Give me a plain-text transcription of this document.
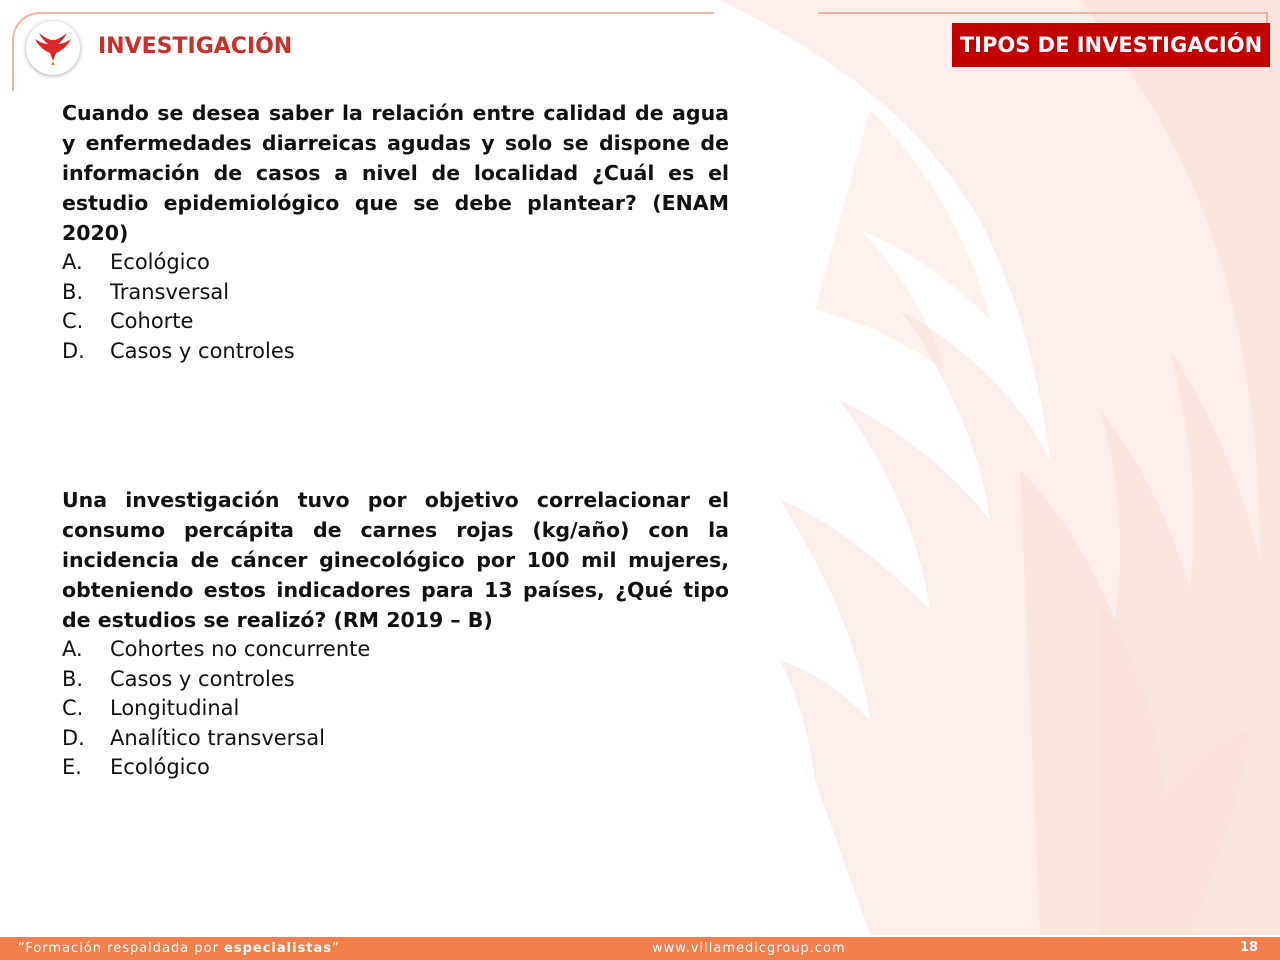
INVESTIGACIÓN	TIPOS DE INVESTIGACIÓN

Cuando se desea saber la relación entre calidad de agua y enfermedades diarreicas agudas y solo se dispone de información de casos a nivel de localidad ¿Cuál es el estudio epidemiológico que se debe plantear? (ENAM 2020)

A.	Ecológico
B.	Transversal
C.	Cohorte
D.	Casos y controles

Una investigación tuvo por objetivo correlacionar el consumo percápita de carnes rojas (kg/año) con la incidencia de cáncer ginecológico por 100 mil mujeres, obteniendo estos indicadores para 13 países, ¿Qué tipo de estudios se realizó? (RM 2019 – B)

A.	Cohortes no concurrente
B.	Casos y controles
C.	Longitudinal
D.	Analítico transversal
E.	Ecológico
“Formación respaldada por especialistas”	www.villamedicgroup.com	18
